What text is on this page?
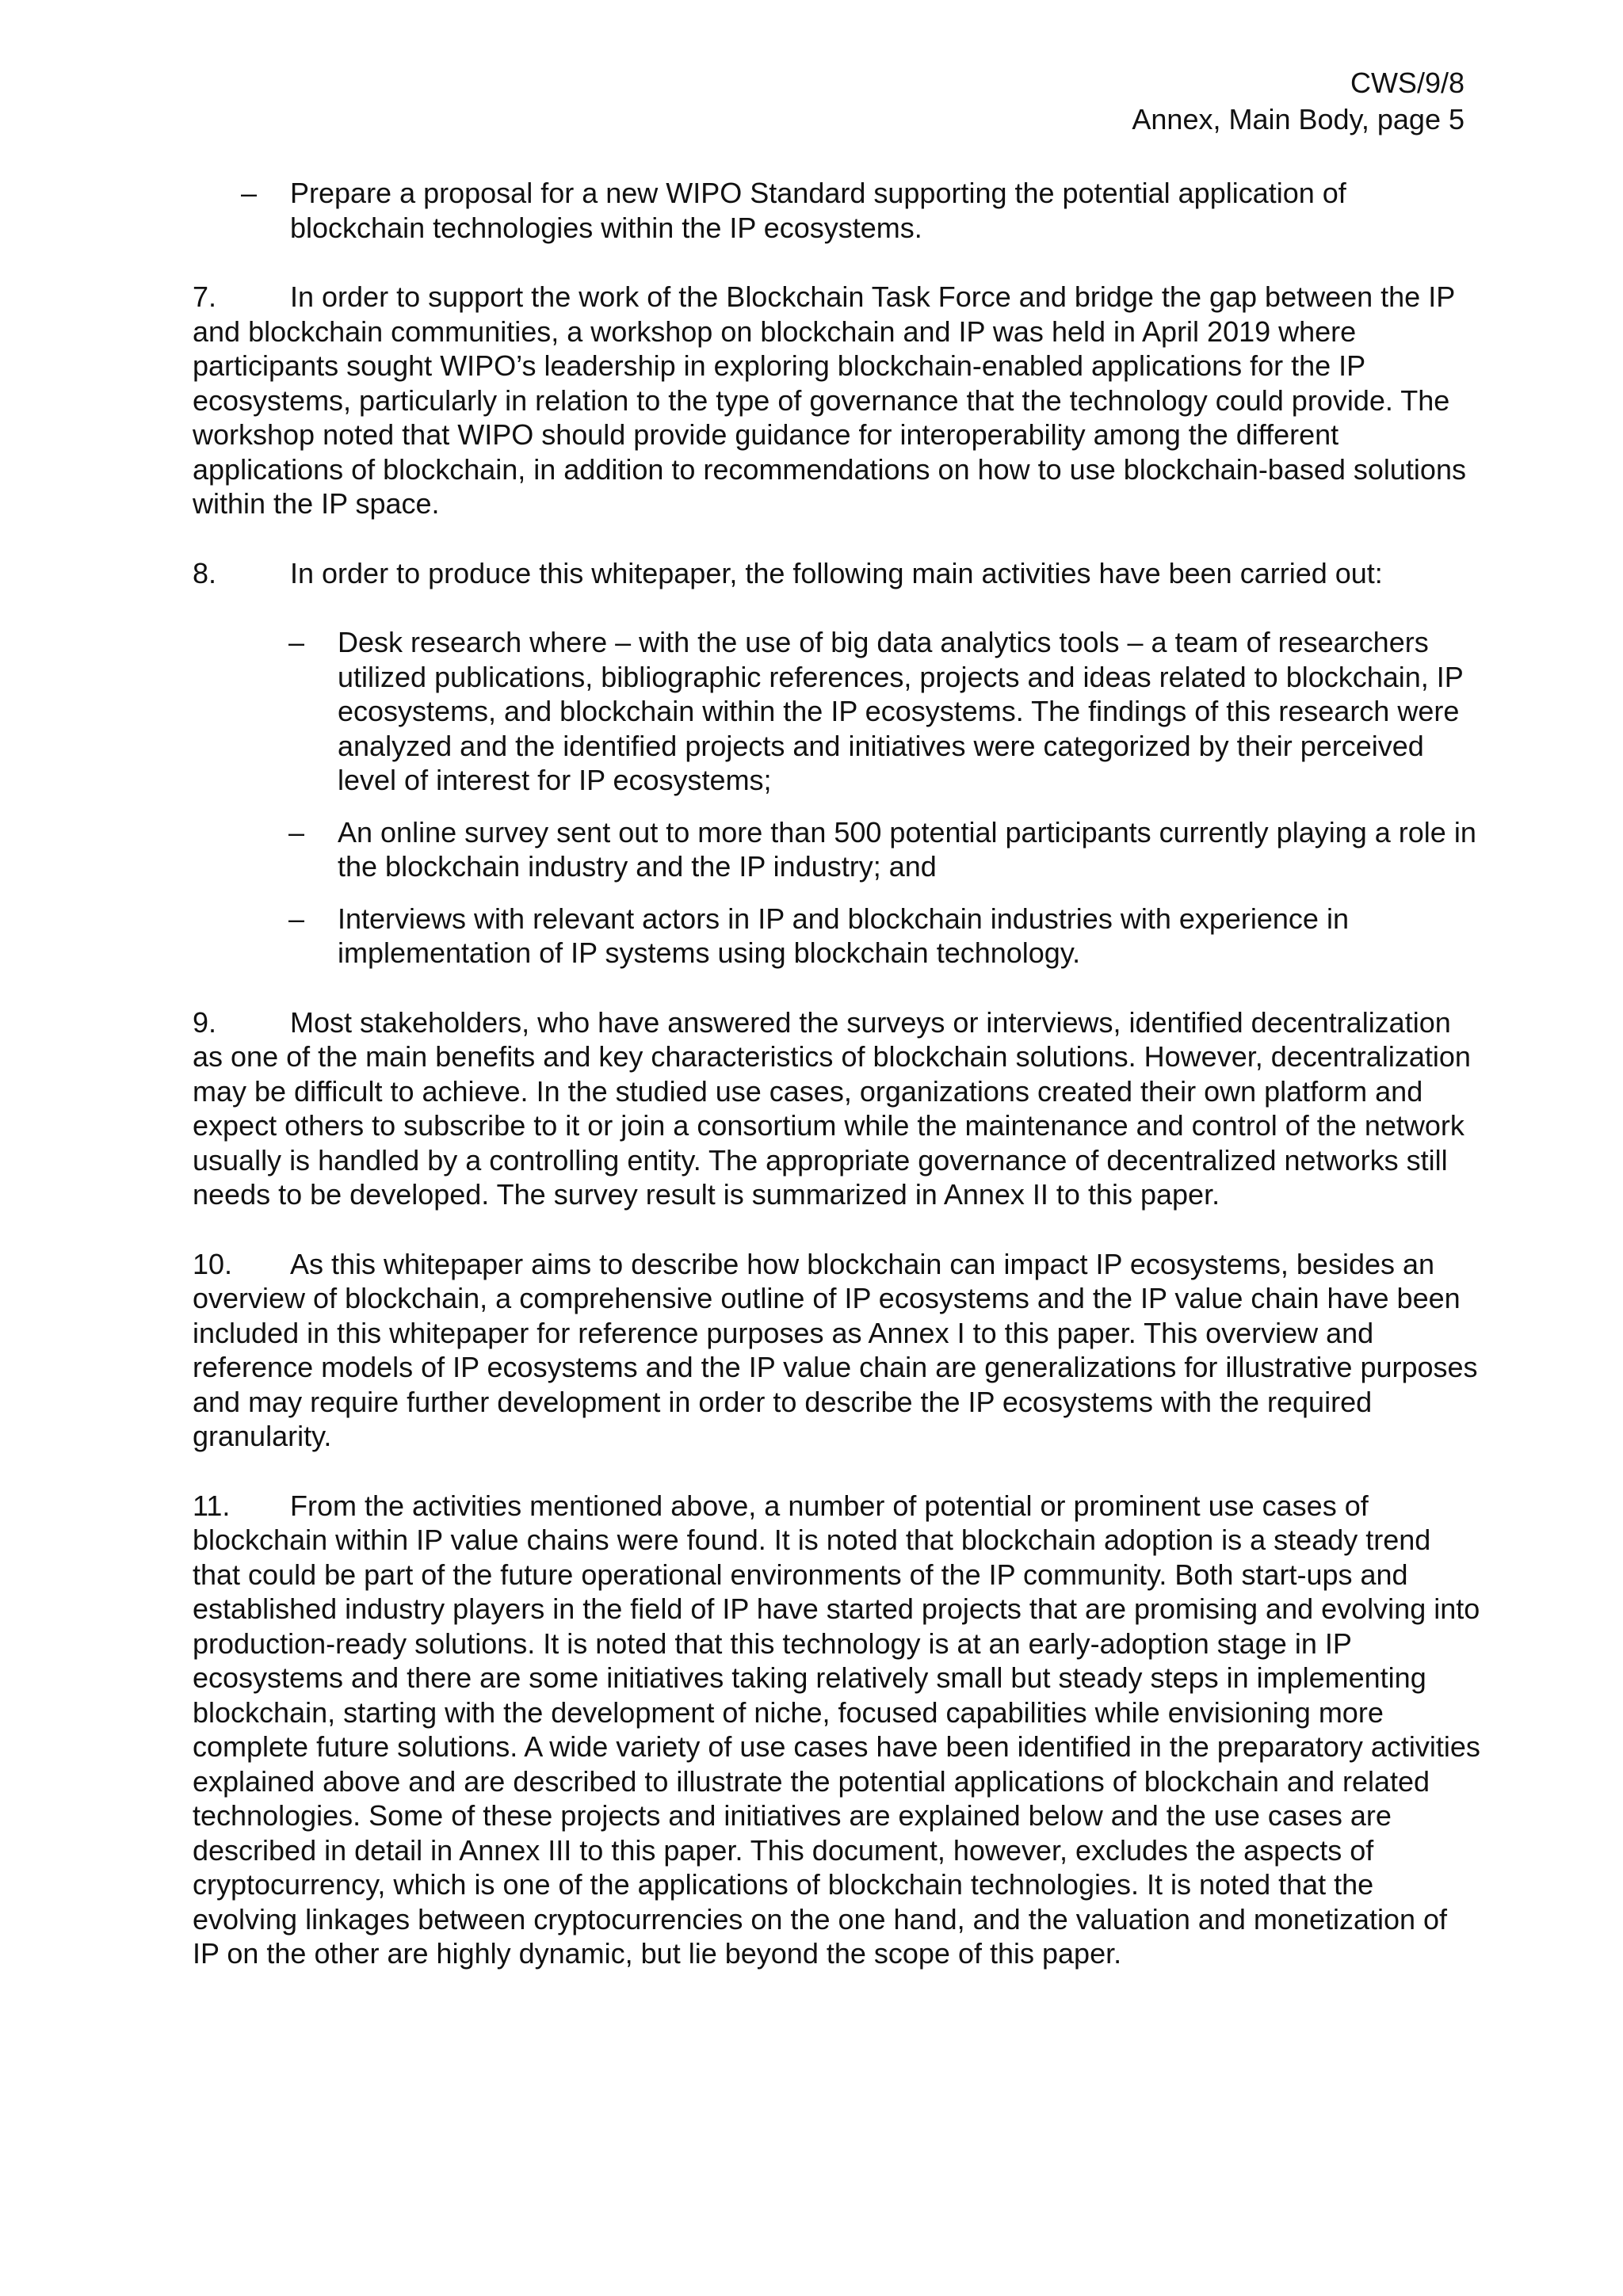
CWS/9/8
Annex, Main Body, page 5

– Prepare a proposal for a new WIPO Standard supporting the potential application of blockchain technologies within the IP ecosystems.

7.	In order to support the work of the Blockchain Task Force and bridge the gap between the IP and blockchain communities, a workshop on blockchain and IP was held in April 2019 where participants sought WIPO’s leadership in exploring blockchain-enabled applications for the IP ecosystems, particularly in relation to the type of governance that the technology could provide. The workshop noted that WIPO should provide guidance for interoperability among the different applications of blockchain, in addition to recommendations on how to use blockchain-based solutions within the IP space.

8.	In order to produce this whitepaper, the following main activities have been carried out:

– Desk research where – with the use of big data analytics tools – a team of researchers utilized publications, bibliographic references, projects and ideas related to blockchain, IP ecosystems, and blockchain within the IP ecosystems. The findings of this research were analyzed and the identified projects and initiatives were categorized by their perceived level of interest for IP ecosystems;

– An online survey sent out to more than 500 potential participants currently playing a role in the blockchain industry and the IP industry; and

– Interviews with relevant actors in IP and blockchain industries with experience in implementation of IP systems using blockchain technology.

9.	Most stakeholders, who have answered the surveys or interviews, identified decentralization as one of the main benefits and key characteristics of blockchain solutions. However, decentralization may be difficult to achieve. In the studied use cases, organizations created their own platform and expect others to subscribe to it or join a consortium while the maintenance and control of the network usually is handled by a controlling entity. The appropriate governance of decentralized networks still needs to be developed. The survey result is summarized in Annex II to this paper.

10. As this whitepaper aims to describe how blockchain can impact IP ecosystems, besides an overview of blockchain, a comprehensive outline of IP ecosystems and the IP value chain have been included in this whitepaper for reference purposes as Annex I to this paper. This overview and reference models of IP ecosystems and the IP value chain are generalizations for illustrative purposes and may require further development in order to describe the IP ecosystems with the required granularity.

11. From the activities mentioned above, a number of potential or prominent use cases of blockchain within IP value chains were found. It is noted that blockchain adoption is a steady trend that could be part of the future operational environments of the IP community. Both start-ups and established industry players in the field of IP have started projects that are promising and evolving into production-ready solutions. It is noted that this technology is at an early-adoption stage in IP ecosystems and there are some initiatives taking relatively small but steady steps in implementing blockchain, starting with the development of niche, focused capabilities while envisioning more complete future solutions. A wide variety of use cases have been identified in the preparatory activities explained above and are described to illustrate the potential applications of blockchain and related technologies. Some of these projects and initiatives are explained below and the use cases are described in detail in Annex III to this paper. This document, however, excludes the aspects of cryptocurrency, which is one of the applications of blockchain technologies. It is noted that the evolving linkages between cryptocurrencies on the one hand, and the valuation and monetization of IP on the other are highly dynamic, but lie beyond the scope of this paper.
